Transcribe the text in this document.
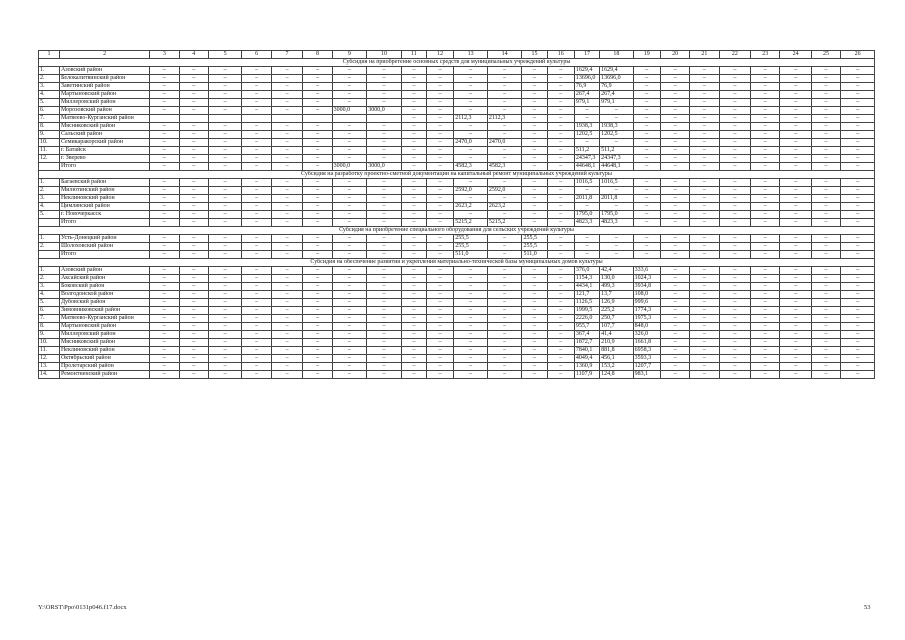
1	2	3	4	5	6	7	8	9	10	11	12	13	14	15	16	17	18	19	20	21	22	23	24	25	26
Субсидия на приобретение основных средств для муниципальных учреждений культуры																									
1.	Азовский район	–	–	–	–	–	–	–	–	–	–	–	–	–	–	1629,4	1629,4	–	–	–	–	–	–	–	–
2.	Белокалитвинский район	–	–	–	–	–	–	–	–	–	–	–	–	–	–	13696,0	13696,0	–	–	–	–	–	–	–	–
3.	Заветинский район	–	–	–	–	–	–	–	–	–	–	–	–	–	–	76,9	76,9	–	–	–	–	–	–	–	–
4.	Мартыновский район	–	–	–	–	–	–	–	–	–	–	–	–	–	–	267,4	267,4	–	–	–	–	–	–	–	–
5.	Миллеровский район	–	–	–	–	–	–	–	–	–	–	–	–	–	–	979,1	979,1	–	–	–	–	–	–	–	–
6.	Морозовский район	–	–	–	–	–	–	3000,0	3000,0	–	–	–	–	–	–	–	–	–	–	–	–	–	–	–	–
7.	Матвеево-Курганский район									–	–	2112,3	2112,3	–	–	–	–	–	–	–	–	–	–	–	–
8.	Мясниковский район	–	–	–	–	–	–	–	–	–	–	–	–	–	–	1938,3	1938,3	–	–	–	–	–	–	–	–
9.	Сальский район	–	–	–	–	–	–	–	–	–	–	–	–	–	–	1202,5	1202,5	–	–	–	–	–	–	–	–
10.	Семикаракорский район	–	–	–	–	–	–	–	–	–	–	2470,0	2470,0	–	–	–	–	–	–	–	–	–	–	–	–
11.	г. Батайск	–	–	–	–	–	–	–	–	–	–	–	–	–	–	511,2	511,2	–	–	–	–	–	–	–	–
12.	г. Зверево	–	–	–	–	–	–	–	–	–	–	–	–	–	–	24347,3	24347,3	–	–	–	–	–	–	–	–
	Итого	–	–	–	–	–	–	3000,0	3000,0	–	–	4582,3	4582,3	–	–	44648,1	44648,1	–	–	–	–	–	–	–	–
Субсидия на разработку проектно-сметной документации на капитальный ремонт муниципальных учреждений культуры																									
1.	Багаевский район	–	–	–	–	–	–	–	–	–	–	–	–	–	–	1016,5	1016,5	–	–	–	–	–	–	–	–
2.	Милютинский район	–	–	–	–	–	–	–	–	–	–	2592,0	2592,0	–	–	–	–	–	–	–	–	–	–	–	–
3.	Неклиновский район	–	–	–	–	–	–	–	–	–	–	–	–	–	–	2011,8	2011,8	–	–	–	–	–	–	–	–
4.	Цимлянский район	–	–	–	–	–	–	–	–	–	–	2623,2	2623,2	–	–	–	–	–	–	–	–	–	–	–	–
5.	г. Новочеркасск	–	–	–	–	–	–	–	–	–	–	–	–	–	–	1795,0	1795,0	–	–	–	–	–	–	–	–
	Итого	–	–	–	–	–	–	–	–	–	–	5215,2	5215,2	–	–	4823,3	4823,3	–	–	–	–	–	–	–	–
Субсидия на приобретение специального оборудования для сельских учреждений культуры																									
1.	Усть-Донецкий район	–	–	–	–	–	–	–	–	–	–	255,5	–	255,5	–	–	–	–	–	–	–	–	–	–	–
2.	Шолоховский район	–	–	–	–	–	–	–	–	–	–	255,5	–	255,5	–	–	–	–	–	–	–	–	–	–	–
	Итого	–	–	–	–	–	–	–	–	–	–	511,0	–	511,0	–	–	–	–	–	–	–	–	–	–	–
Субсидия на обеспечение развития и укрепления материально-технической базы муниципальных домов культуры																									
1.	Азовский район	–	–	–	–	–	–	–	–	–	–	–	–	–	–	376,0	42,4	333,6	–	–	–	–	–	–	–
2.	Аксайский район	–	–	–	–	–	–	–	–	–	–	–	–	–	–	1154,3	130,0	1024,3	–	–	–	–	–	–	–
3.	Боковский район	–	–	–	–	–	–	–	–	–	–	–	–	–	–	4434,1	499,3	3934,8	–	–	–	–	–	–	–
4.	Волгодонской район	–	–	–	–	–	–	–	–	–	–	–	–	–	–	121,7	13,7	108,0	–	–	–	–	–	–	–
5.	Дубовский район	–	–	–	–	–	–	–	–	–	–	–	–	–	–	1126,5	126,9	999,6	–	–	–	–	–	–	–
6.	Зимовниковский район	–	–	–	–	–	–	–	–	–	–	–	–	–	–	1999,5	225,2	1774,3	–	–	–	–	–	–	–
7.	Матвеево-Курганский район	–	–	–	–	–	–	–	–	–	–	–	–	–	–	2226,0	250,7	1975,3	–	–	–	–	–	–	–
8.	Мартыновский район	–	–	–	–	–	–	–	–	–	–	–	–	–	–	955,7	107,7	848,0	–	–	–	–	–	–	–
9.	Миллеровский район	–	–	–	–	–	–	–	–	–	–	–	–	–	–	367,4	41,4	326,0	–	–	–	–	–	–	–
10.	Мясниковский район	–	–	–	–	–	–	–	–	–	–	–	–	–	–	1872,7	210,9	1661,8	–	–	–	–	–	–	–
11.	Неклиновский район	–	–	–	–	–	–	–	–	–	–	–	–	–	–	7840,1	881,8	6958,3	–	–	–	–	–	–	–
12.	Октябрьский район	–	–	–	–	–	–	–	–	–	–	–	–	–	–	4049,4	456,1	3593,3	–	–	–	–	–	–	–
13.	Пролетарский район	–	–	–	–	–	–	–	–	–	–	–	–	–	–	1360,9	153,2	1207,7	–	–	–	–	–	–	–
14.	Ремонтненский район	–	–	–	–	–	–	–	–	–	–	–	–	–	–	1107,9	124,8	983,1	–	–	–	–	–	–	–
Y:\ORST\Ppo\0131p046.f17.docx	53
